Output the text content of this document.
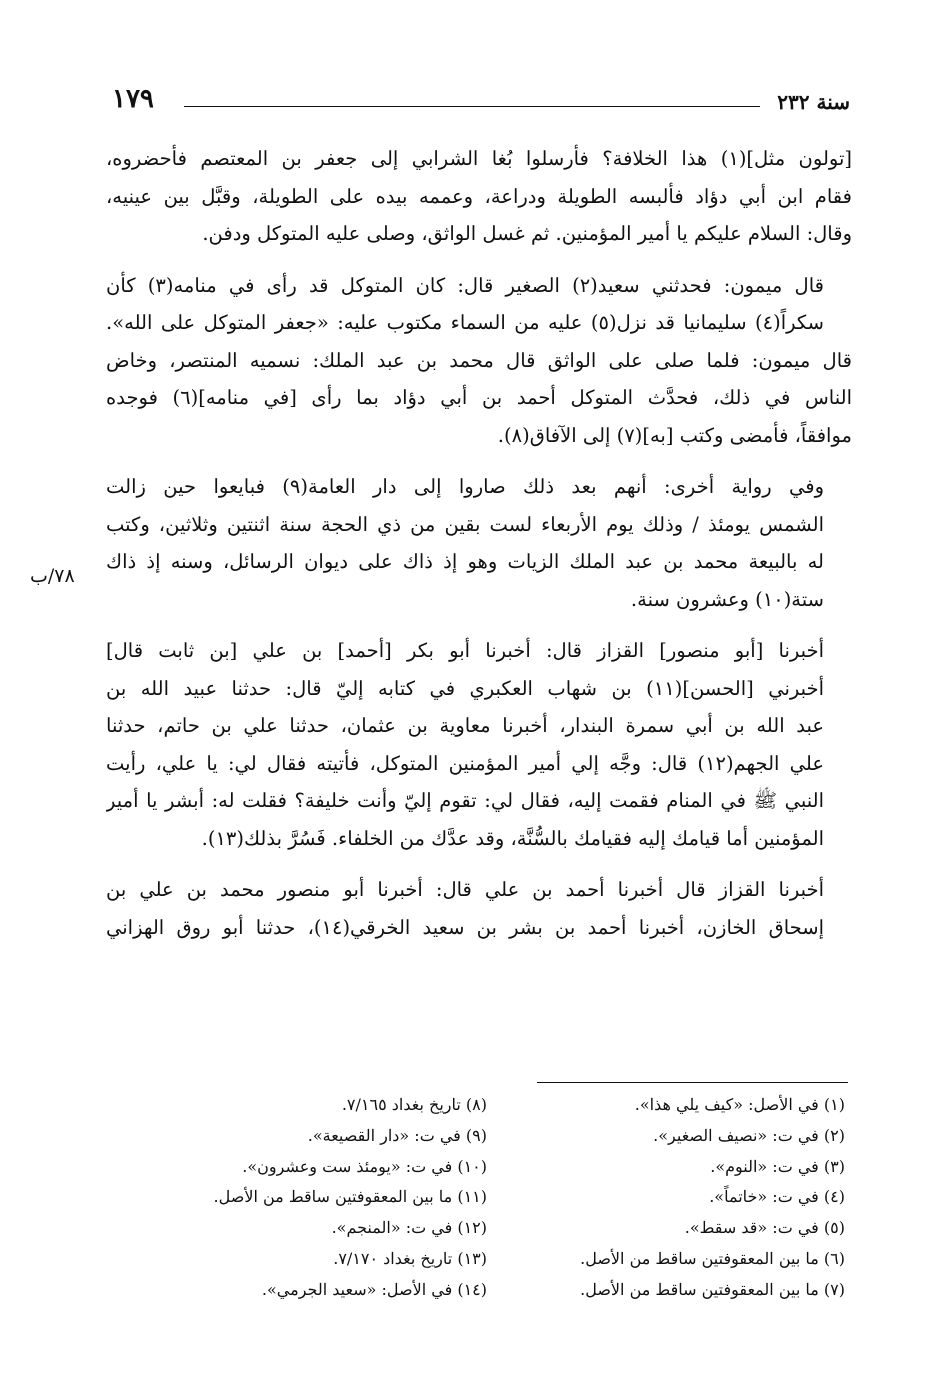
سنة ٢٣٢
١٧٩
٧٨/ب

[تولون مثل](١) هذا الخلافة؟ فأرسلوا بُغا الشرابي إلى جعفر بن المعتصم فأحضروه،
فقام ابن أبي دؤاد فألبسه الطويلة ودراعة، وعممه بيده على الطويلة، وقبَّل بين عينيه،
وقال: السلام عليكم يا أمير المؤمنين. ثم غسل الواثق، وصلى عليه المتوكل ودفن.

قال ميمون: فحدثني سعيد(٢) الصغير قال: كان المتوكل قد رأى في منامه(٣) كأن
سكراً(٤) سليمانيا قد نزل(٥) عليه من السماء مكتوب عليه: «جعفر المتوكل على الله».

قال ميمون: فلما صلى على الواثق قال محمد بن عبد الملك: نسميه المنتصر، وخاض
الناس في ذلك، فحدَّث المتوكل أحمد بن أبي دؤاد بما رأى [في منامه](٦) فوجده
موافقاً، فأمضى وكتب [به](٧) إلى الآفاق(٨).

وفي رواية أخرى: أنهم بعد ذلك صاروا إلى دار العامة(٩) فبايعوا حين زالت
الشمس يومئذ / وذلك يوم الأربعاء لست بقين من ذي الحجة سنة اثنتين وثلاثين، وكتب
له بالبيعة محمد بن عبد الملك الزيات وهو إذ ذاك على ديوان الرسائل، وسنه إذ ذاك
ستة(١٠) وعشرون سنة.

أخبرنا [أبو منصور] القزاز قال: أخبرنا أبو بكر [أحمد] بن علي [بن ثابت قال]
أخبرني [الحسن](١١) بن شهاب العكبري في كتابه إليّ قال: حدثنا عبيد الله بن
عبد الله بن أبي سمرة البندار، أخبرنا معاوية بن عثمان، حدثنا علي بن حاتم، حدثنا
علي الجهم(١٢) قال: وجَّه إلي أمير المؤمنين المتوكل، فأتيته فقال لي: يا علي، رأيت
النبي ﷺ في المنام فقمت إليه، فقال لي: تقوم إليّ وأنت خليفة؟ فقلت له: أبشر يا أمير
المؤمنين أما قيامك إليه فقيامك بالسُّنَّة، وقد عدَّك من الخلفاء. فَسُرَّ بذلك(١٣).

أخبرنا القزاز قال أخبرنا أحمد بن علي قال: أخبرنا أبو منصور محمد بن علي بن
إسحاق الخازن، أخبرنا أحمد بن بشر بن سعيد الخرقي(١٤)، حدثنا أبو روق الهزاني

(١) في الأصل: «كيف يلي هذا».
(٢) في ت: «نصيف الصغير».
(٣) في ت: «النوم».
(٤) في ت: «خاتماً».
(٥) في ت: «قد سقط».
(٦) ما بين المعقوفتين ساقط من الأصل.
(٧) ما بين المعقوفتين ساقط من الأصل.
(٨) تاريخ بغداد ٧/١٦٥.
(٩) في ت: «دار القصيعة».
(١٠) في ت: «يومئذ ست وعشرون».
(١١) ما بين المعقوفتين ساقط من الأصل.
(١٢) في ت: «المنجم».
(١٣) تاريخ بغداد ٧/١٧٠.
(١٤) في الأصل: «سعيد الجرمي».
